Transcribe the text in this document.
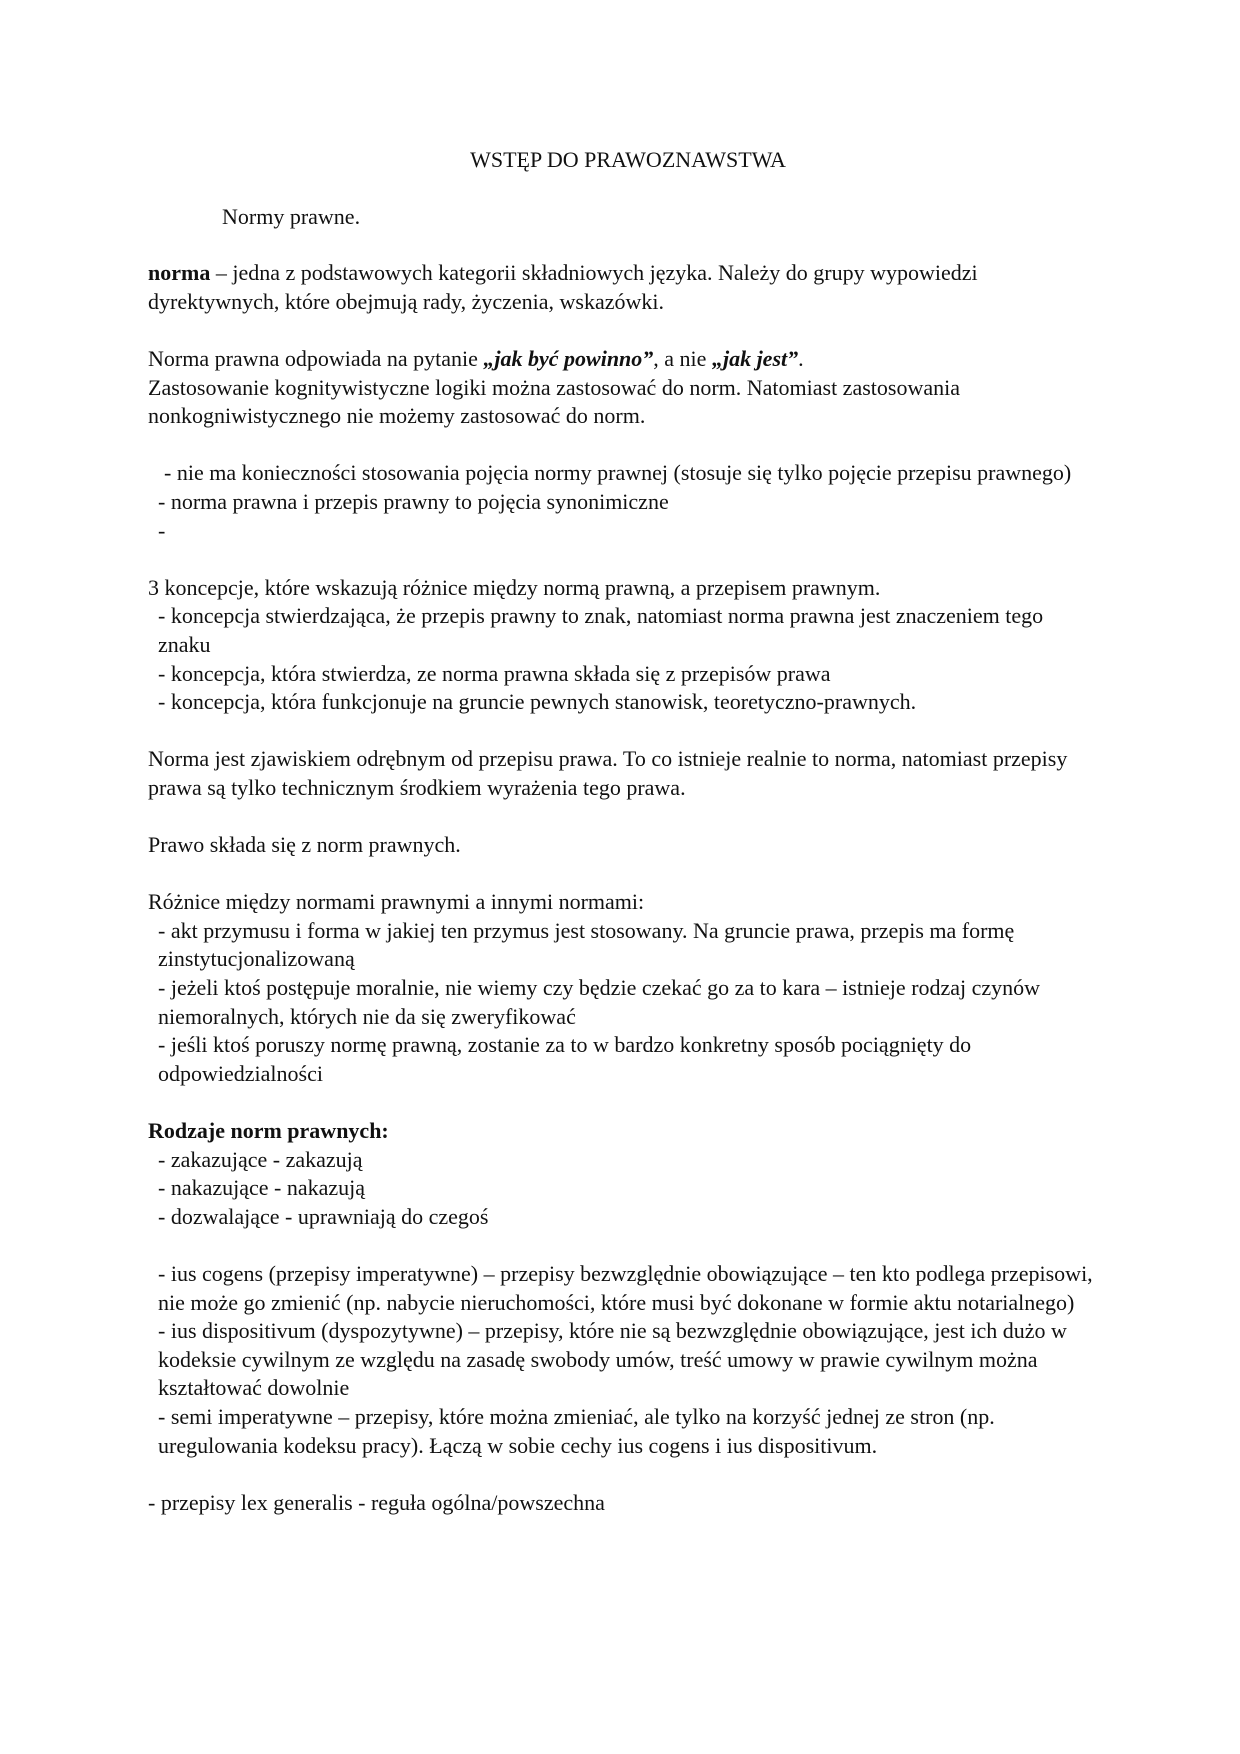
WSTĘP DO PRAWOZNAWSTWA

Normy prawne.

norma – jedna z podstawowych kategorii składniowych języka. Należy do grupy wypowiedzi dyrektywnych, które obejmują rady, życzenia, wskazówki.

Norma prawna odpowiada na pytanie „jak być powinno”, a nie „jak jest”.

Zastosowanie kognitywistyczne logiki można zastosować do norm. Natomiast zastosowania nonkogniwistycznego nie możemy zastosować do norm.

- nie ma konieczności stosowania pojęcia normy prawnej (stosuje się tylko pojęcie przepisu prawnego)

- norma prawna i przepis prawny to pojęcia synonimiczne

-

3 koncepcje, które wskazują różnice między normą prawną, a przepisem prawnym.

- koncepcja stwierdzająca, że przepis prawny to znak, natomiast norma prawna jest znaczeniem tego znaku

- koncepcja, która stwierdza, ze norma prawna składa się z przepisów prawa

- koncepcja, która funkcjonuje na gruncie pewnych stanowisk, teoretyczno-prawnych.

Norma jest zjawiskiem odrębnym od przepisu prawa. To co istnieje realnie to norma, natomiast przepisy prawa są tylko technicznym środkiem wyrażenia tego prawa.

Prawo składa się z norm prawnych.

Różnice między normami prawnymi a innymi normami:

- akt przymusu i forma w jakiej ten przymus jest stosowany. Na gruncie prawa, przepis ma formę zinstytucjonalizowaną

- jeżeli ktoś postępuje moralnie, nie wiemy czy będzie czekać go za to kara – istnieje rodzaj czynów niemoralnych, których nie da się zweryfikować

- jeśli ktoś poruszy normę prawną, zostanie za to w bardzo konkretny sposób pociągnięty do odpowiedzialności

Rodzaje norm prawnych:

- zakazujące - zakazują

- nakazujące - nakazują

- dozwalające - uprawniają do czegoś

- ius cogens (przepisy imperatywne) – przepisy bezwzględnie obowiązujące – ten kto podlega przepisowi, nie może go zmienić (np. nabycie nieruchomości, które musi być dokonane w formie aktu notarialnego)

- ius dispositivum (dyspozytywne) – przepisy, które nie są bezwzględnie obowiązujące, jest ich dużo w kodeksie cywilnym ze względu na zasadę swobody umów, treść umowy w prawie cywilnym można kształtować dowolnie

- semi imperatywne – przepisy, które można zmieniać, ale tylko na korzyść jednej ze stron (np. uregulowania kodeksu pracy). Łączą w sobie cechy ius cogens i ius dispositivum.

- przepisy lex generalis - reguła ogólna/powszechna
